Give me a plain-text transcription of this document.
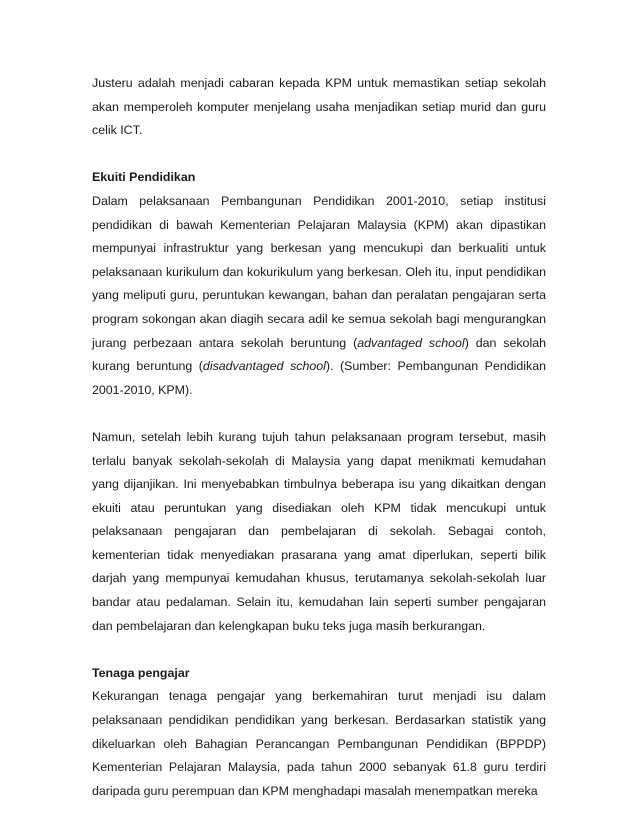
Justeru adalah menjadi cabaran kepada KPM untuk memastikan setiap sekolah akan memperoleh komputer menjelang usaha menjadikan setiap murid dan guru celik ICT.

Ekuiti Pendidikan

Dalam pelaksanaan Pembangunan Pendidikan 2001-2010, setiap institusi pendidikan di bawah Kementerian Pelajaran Malaysia (KPM) akan dipastikan mempunyai infrastruktur yang berkesan yang mencukupi dan berkualiti untuk pelaksanaan kurikulum dan kokurikulum yang berkesan. Oleh itu, input pendidikan yang meliputi guru, peruntukan kewangan, bahan dan peralatan pengajaran serta program sokongan akan diagih secara adil ke semua sekolah bagi mengurangkan jurang perbezaan antara sekolah beruntung (advantaged school) dan sekolah kurang beruntung (disadvantaged school). (Sumber: Pembangunan Pendidikan 2001-2010, KPM).

Namun, setelah lebih kurang tujuh tahun pelaksanaan program tersebut, masih terlalu banyak sekolah-sekolah di Malaysia yang dapat menikmati kemudahan yang dijanjikan. Ini menyebabkan timbulnya beberapa isu yang dikaitkan dengan ekuiti atau peruntukan yang disediakan oleh KPM tidak mencukupi untuk pelaksanaan pengajaran dan pembelajaran di sekolah. Sebagai contoh, kementerian tidak menyediakan prasarana yang amat diperlukan, seperti bilik darjah yang mempunyai kemudahan khusus, terutamanya sekolah-sekolah luar bandar atau pedalaman. Selain itu, kemudahan lain seperti sumber pengajaran dan pembelajaran dan kelengkapan buku teks juga masih berkurangan.

Tenaga pengajar

Kekurangan tenaga pengajar yang berkemahiran turut menjadi isu dalam pelaksanaan pendidikan pendidikan yang berkesan. Berdasarkan statistik yang dikeluarkan oleh Bahagian Perancangan Pembangunan Pendidikan (BPPDP) Kementerian Pelajaran Malaysia, pada tahun 2000 sebanyak 61.8 guru terdiri daripada guru perempuan dan KPM menghadapi masalah menempatkan mereka
